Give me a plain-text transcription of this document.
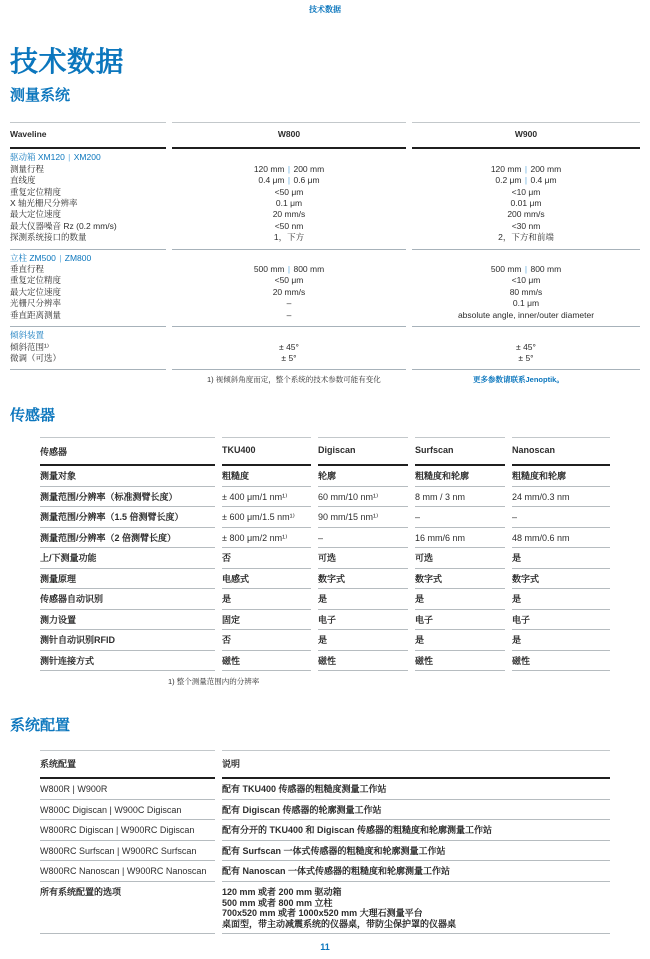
技术数据
技术数据
测量系统
Waveline	W800	W900
驱动箱 XM120 | XM200
测量行程	120 mm | 200 mm	120 mm | 200 mm
直线度	0.4 μm | 0.6 μm	0.2 μm | 0.4 μm
重复定位精度	<50 μm	<10 μm
X 轴光栅尺分辨率	0.1 μm	0.01 μm
最大定位速度	20 mm/s	200 mm/s
最大仪器噪音 Rz (0.2 mm/s)	<50 nm	<30 nm
探测系统接口的数量	1，下方	2，下方和前端
立柱 ZM500 | ZM800
垂直行程	500 mm | 800 mm	500 mm | 800 mm
重复定位精度	<50 μm	<10 μm
最大定位速度	20 mm/s	80 mm/s
光栅尺分辨率	–	0.1 μm
垂直距离测量	–	absolute angle, inner/outer diameter
倾斜装置
倾斜范围¹⁾	± 45°	± 45°
微调（可选）	± 5°	± 5°
1) 视倾斜角度而定，整个系统的技术参数可能有变化	更多参数请联系Jenoptik。
传感器
传感器	TKU400	Digiscan	Surfscan	Nanoscan
测量对象	粗糙度	轮廓	粗糙度和轮廓	粗糙度和轮廓
测量范围/分辨率（标准测臂长度）	± 400 μm/1 nm¹⁾	60 mm/10 nm¹⁾	8 mm / 3 nm	24 mm/0.3 nm
测量范围/分辨率（1.5 倍测臂长度）	± 600 μm/1.5 nm¹⁾	90 mm/15 nm¹⁾	–	–
测量范围/分辨率（2 倍测臂长度）	± 800 μm/2 nm¹⁾	–	16 mm/6 nm	48 mm/0.6 nm
上/下测量功能	否	可选	可选	是
测量原理	电感式	数字式	数字式	数字式
传感器自动识别	是	是	是	是
测力设置	固定	电子	电子	电子
测针自动识别RFID	否	是	是	是
测针连接方式	磁性	磁性	磁性	磁性
1) 整个测量范围内的分辨率
系统配置
系统配置	说明
W800R | W900R	配有 TKU400 传感器的粗糙度测量工作站
W800C Digiscan | W900C Digiscan	配有 Digiscan 传感器的轮廓测量工作站
W800RC Digiscan | W900RC Digiscan	配有分开的 TKU400 和 Digiscan 传感器的粗糙度和轮廓测量工作站
W800RC Surfscan | W900RC Surfscan	配有 Surfscan 一体式传感器的粗糙度和轮廓测量工作站
W800RC Nanoscan | W900RC Nanoscan	配有 Nanoscan 一体式传感器的粗糙度和轮廓测量工作站
所有系统配置的选项	120 mm 或者 200 mm 驱动箱
500 mm 或者 800 mm 立柱
700x520 mm 或者 1000x520 mm 大理石测量平台
桌面型，带主动减震系统的仪器桌，带防尘保护罩的仪器桌
11
